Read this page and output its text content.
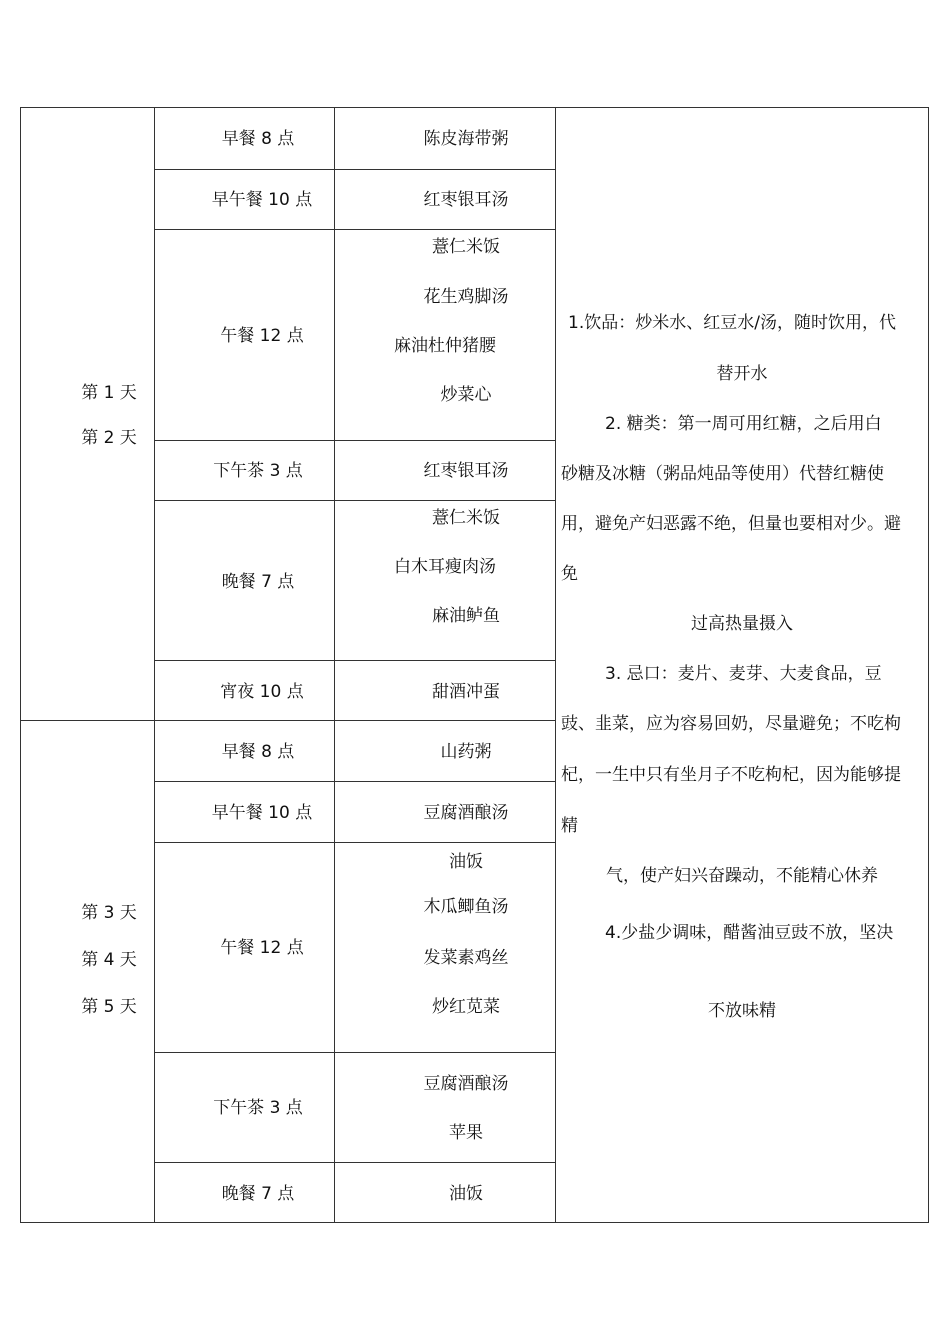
第 1 天
第 2 天
早餐 8 点
早午餐 10 点
午餐 12 点
下午茶 3 点
晚餐 7 点
宵夜 10 点
陈皮海带粥
红枣银耳汤
薏仁米饭
花生鸡脚汤
麻油杜仲猪腰
炒菜心
红枣银耳汤
薏仁米饭
白木耳瘦肉汤
麻油鲈鱼
甜酒冲蛋
第 3 天
第 4 天
第 5 天
早餐 8 点
早午餐 10 点
午餐 12 点
下午茶 3 点
晚餐 7 点
山药粥
豆腐酒酿汤
油饭
木瓜鲫鱼汤
发菜素鸡丝
炒红苋菜
豆腐酒酿汤
苹果
油饭
1.饮品：炒米水、红豆水/汤，随时饮用，代
替开水
2. 糖类：第一周可用红糖，之后用白
砂糖及冰糖（粥品炖品等使用）代替红糖使
用，避免产妇恶露不绝，但量也要相对少。避
免
过高热量摄入
3. 忌口：麦片、麦芽、大麦食品，豆
豉、韭菜，应为容易回奶，尽量避免；不吃枸
杞，一生中只有坐月子不吃枸杞，因为能够提
精
气，使产妇兴奋躁动，不能精心休养
4.少盐少调味，醋酱油豆豉不放，坚决
不放味精
